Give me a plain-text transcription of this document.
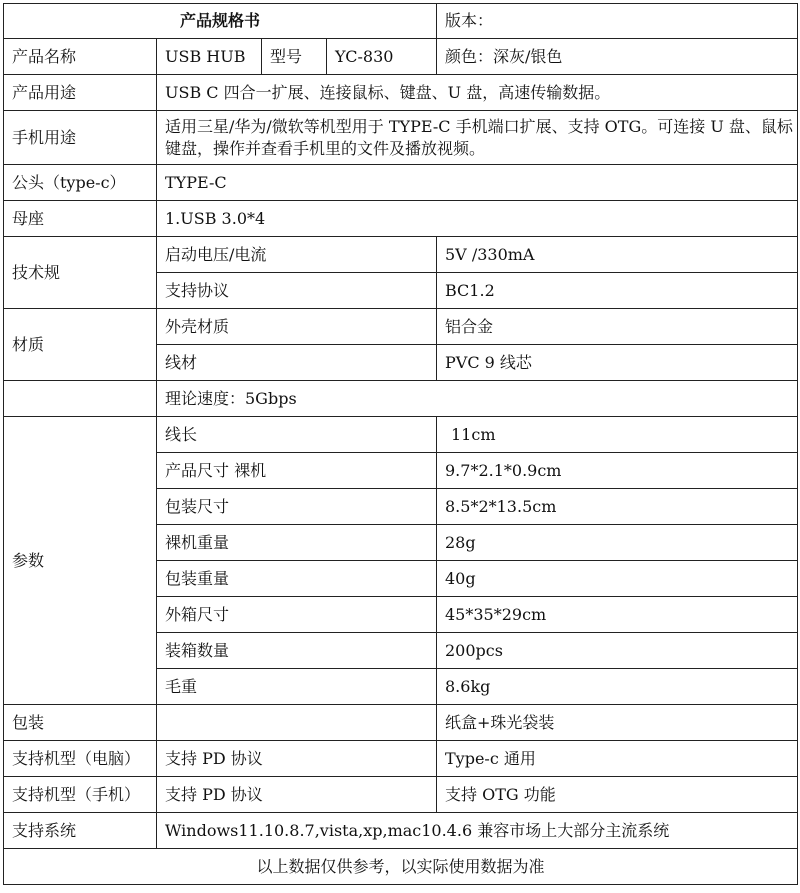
产品规格书				版本：
产品名称	USB HUB	型号	YC-830	颜色：深灰/银色
产品用途	USB C 四合一扩展、连接鼠标、键盘、U 盘，高速传输数据。			
手机用途	适用三星/华为/微软等机型用于 TYPE-C 手机端口扩展、支持 OTG。可连接 U 盘、鼠标键盘，操作并查看手机里的文件及播放视频。			
公头（type-c）	TYPE-C			
母座	1.USB 3.0*4			
技术规	启动电压/电流			5V /330mA
	支持协议			BC1.2
材质	外壳材质			铝合金
	线材			PVC 9 线芯
	理论速度：5Gbps			
参数	线长			11cm
	产品尺寸 裸机			9.7*2.1*0.9cm
	包装尺寸			8.5*2*13.5cm
	裸机重量			28g
	包装重量			40g
	外箱尺寸			45*35*29cm
	装箱数量			200pcs
	毛重			8.6kg
包装				纸盒+珠光袋装
支持机型（电脑）	支持 PD 协议			Type-c 通用
支持机型（手机）	支持 PD 协议			支持 OTG 功能
支持系统	Windows11.10.8.7,vista,xp,mac10.4.6 兼容市场上大部分主流系统			
以上数据仅供参考，以实际使用数据为准				
